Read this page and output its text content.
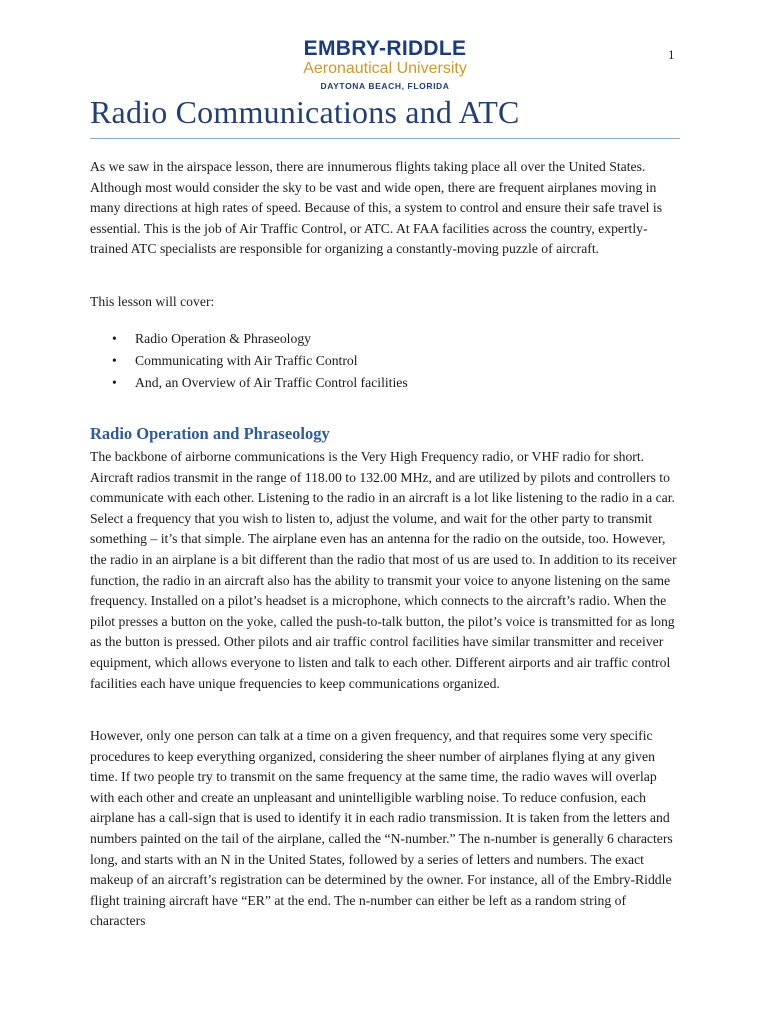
1
EMBRY-RIDDLE
Aeronautical University
DAYTONA BEACH, FLORIDA
Radio Communications and ATC

As we saw in the airspace lesson, there are innumerous flights taking place all over the United States. Although most would consider the sky to be vast and wide open, there are frequent airplanes moving in many directions at high rates of speed. Because of this, a system to control and ensure their safe travel is essential. This is the job of Air Traffic Control, or ATC. At FAA facilities across the country, expertly-trained ATC specialists are responsible for organizing a constantly-moving puzzle of aircraft.

This lesson will cover:

• Radio Operation & Phraseology
• Communicating with Air Traffic Control
• And, an Overview of Air Traffic Control facilities
Radio Operation and Phraseology

The backbone of airborne communications is the Very High Frequency radio, or VHF radio for short. Aircraft radios transmit in the range of 118.00 to 132.00 MHz, and are utilized by pilots and controllers to communicate with each other. Listening to the radio in an aircraft is a lot like listening to the radio in a car. Select a frequency that you wish to listen to, adjust the volume, and wait for the other party to transmit something – it’s that simple. The airplane even has an antenna for the radio on the outside, too. However, the radio in an airplane is a bit different than the radio that most of us are used to. In addition to its receiver function, the radio in an aircraft also has the ability to transmit your voice to anyone listening on the same frequency. Installed on a pilot’s headset is a microphone, which connects to the aircraft’s radio. When the pilot presses a button on the yoke, called the push-to-talk button, the pilot’s voice is transmitted for as long as the button is pressed. Other pilots and air traffic control facilities have similar transmitter and receiver equipment, which allows everyone to listen and talk to each other. Different airports and air traffic control facilities each have unique frequencies to keep communications organized.

However, only one person can talk at a time on a given frequency, and that requires some very specific procedures to keep everything organized, considering the sheer number of airplanes flying at any given time. If two people try to transmit on the same frequency at the same time, the radio waves will overlap with each other and create an unpleasant and unintelligible warbling noise. To reduce confusion, each airplane has a call-sign that is used to identify it in each radio transmission. It is taken from the letters and numbers painted on the tail of the airplane, called the “N-number.” The n-number is generally 6 characters long, and starts with an N in the United States, followed by a series of letters and numbers. The exact makeup of an aircraft’s registration can be determined by the owner. For instance, all of the Embry-Riddle flight training aircraft have “ER” at the end. The n-number can either be left as a random string of characters
